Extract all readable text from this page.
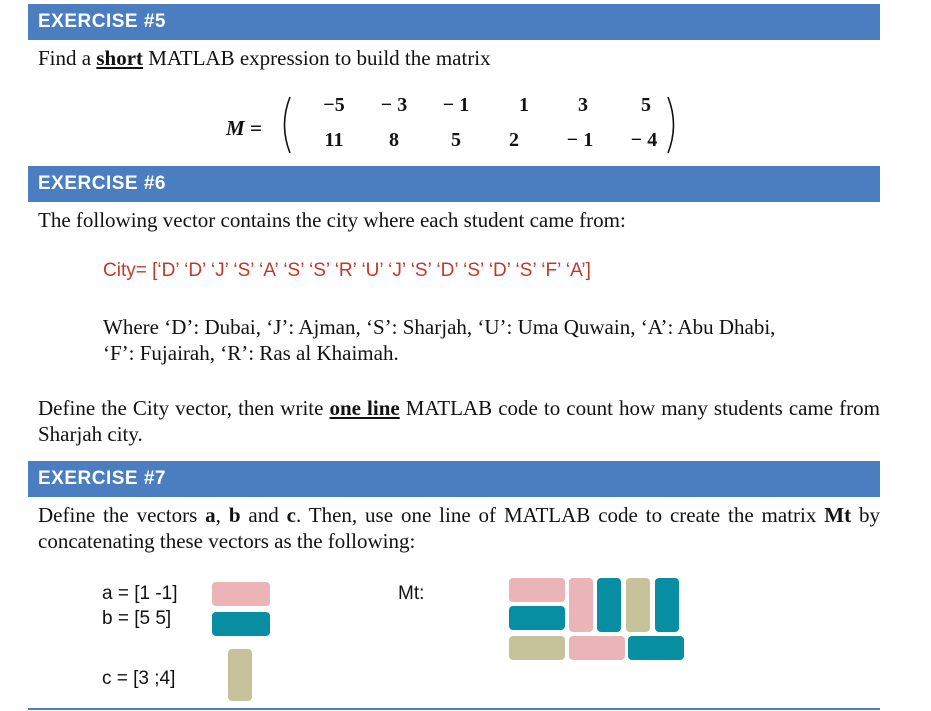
EXERCISE #5
Find a short MATLAB expression to build the matrix
M =
−5	− 3	− 1	1	3	5
11	8	5	2	− 1	− 4
EXERCISE #6
The following vector contains the city where each student came from:
City= [‘D’ ‘D’ ‘J’ ‘S’ ‘A’ ‘S’ ‘S’ ‘R’ ‘U’ ‘J’ ‘S’ ‘D’ ‘S’ ‘D’ ‘S’ ‘F’ ‘A’]
Where ‘D’: Dubai, ‘J’: Ajman, ‘S’: Sharjah, ‘U’: Uma Quwain, ‘A’: Abu Dhabi,
‘F’: Fujairah, ‘R’: Ras al Khaimah.
Define the City vector, then write one line MATLAB code to count how many students came from Sharjah city.
EXERCISE #7
Define the vectors a, b and c. Then, use one line of MATLAB code to create the matrix Mt by concatenating these vectors as the following:
a = [1 -1]
b = [5 5]
c = [3 ;4]
Mt:
